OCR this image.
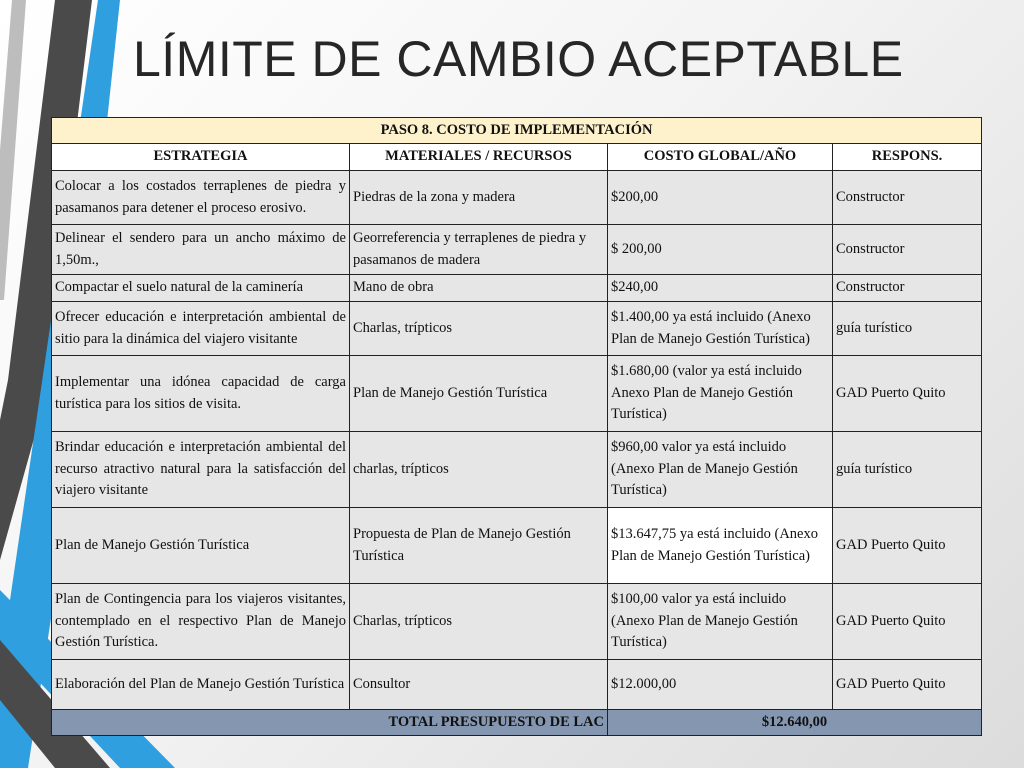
LÍMITE DE CAMBIO ACEPTABLE
PASO 8. COSTO DE IMPLEMENTACIÓN			
ESTRATEGIA	MATERIALES / RECURSOS	COSTO GLOBAL/AÑO	RESPONS.
Colocar a los costados terraplenes de piedra y pasamanos para detener el proceso erosivo.	Piedras de la zona y madera	$200,00	Constructor
Delinear el sendero para un ancho máximo de 1,50m.,	Georreferencia y terraplenes de piedra y pasamanos de madera	$ 200,00	Constructor
Compactar el suelo natural de la caminería	Mano de obra	$240,00	Constructor
Ofrecer educación e interpretación ambiental de sitio para la dinámica del viajero visitante	Charlas, trípticos	$1.400,00 ya está incluido (Anexo Plan de Manejo Gestión Turística)	guía turístico
Implementar una idónea capacidad de carga turística para los sitios de visita.	Plan de Manejo Gestión Turística	$1.680,00 (valor ya está incluido Anexo Plan de Manejo Gestión Turística)	GAD Puerto Quito
Brindar educación e interpretación ambiental del recurso atractivo natural para la satisfacción del viajero visitante	charlas, trípticos	$960,00 valor ya está incluido (Anexo Plan de Manejo Gestión Turística)	guía turístico
Plan de Manejo Gestión Turística	Propuesta de Plan de Manejo Gestión Turística	$13.647,75 ya está incluido (Anexo Plan de Manejo Gestión Turística)	GAD Puerto Quito
Plan de Contingencia para los viajeros visitantes, contemplado en el respectivo Plan de Manejo Gestión Turística.	Charlas, trípticos	$100,00 valor ya está incluido (Anexo Plan de Manejo Gestión Turística)	GAD Puerto Quito
Elaboración del Plan de Manejo Gestión Turística	Consultor	$12.000,00	GAD Puerto Quito
TOTAL PRESUPUESTO DE LAC		$12.640,00	
